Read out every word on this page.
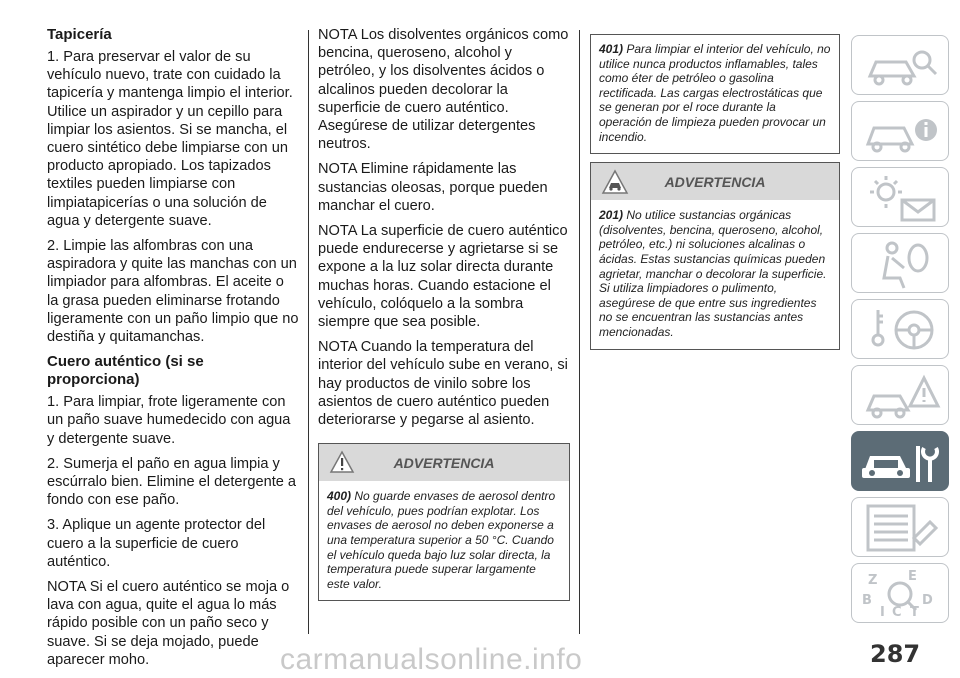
Tapicería

1. Para preservar el valor de su vehículo nuevo, trate con cuidado la tapicería y mantenga limpio el interior. Utilice un aspirador y un cepillo para limpiar los asientos. Si se mancha, el cuero sintético debe limpiarse con un producto apropiado. Los tapizados textiles pueden limpiarse con limpiatapicerías o una solución de agua y detergente suave.

2. Limpie las alfombras con una aspiradora y quite las manchas con un limpiador para alfombras. El aceite o la grasa pueden eliminarse frotando ligeramente con un paño limpio que no destiña y quitamanchas.

Cuero auténtico (si se proporciona)

1. Para limpiar, frote ligeramente con un paño suave humedecido con agua y detergente suave.

2. Sumerja el paño en agua limpia y escúrralo bien. Elimine el detergente a fondo con ese paño.

3. Aplique un agente protector del cuero a la superficie de cuero auténtico.

NOTA Si el cuero auténtico se moja o lava con agua, quite el agua lo más rápido posible con un paño seco y suave. Si se deja mojado, puede aparecer moho.

NOTA Los disolventes orgánicos como bencina, queroseno, alcohol y petróleo, y los disolventes ácidos o alcalinos pueden decolorar la superficie de cuero auténtico. Asegúrese de utilizar detergentes neutros.

NOTA Elimine rápidamente las sustancias oleosas, porque pueden manchar el cuero.

NOTA La superficie de cuero auténtico puede endurecerse y agrietarse si se expone a la luz solar directa durante muchas horas. Cuando estacione el vehículo, colóquelo a la sombra siempre que sea posible.

NOTA Cuando la temperatura del interior del vehículo sube en verano, si hay productos de vinilo sobre los asientos de cuero auténtico pueden deteriorarse y pegarse al asiento.

ADVERTENCIA
400) No guarde envases de aerosol dentro del vehículo, pues podrían explotar. Los envases de aerosol no deben exponerse a una temperatura superior a 50 °C. Cuando el vehículo queda bajo luz solar directa, la temperatura puede superar largamente este valor.
401) Para limpiar el interior del vehículo, no utilice nunca productos inflamables, tales como éter de petróleo o gasolina rectificada. Las cargas electrostáticas que se generan por el roce durante la operación de limpieza pueden provocar un incendio.
ADVERTENCIA
201) No utilice sustancias orgánicas (disolventes, bencina, queroseno, alcohol, petróleo, etc.) ni soluciones alcalinas o ácidas. Estas sustancias químicas pueden agrietar, manchar o decolorar la superficie. Si utiliza limpiadores o pulimento, asegúrese de que entre sus ingredientes no se encuentran las sustancias antes mencionadas.
Z E
B
I C T
D
287
carmanualsonline.info
